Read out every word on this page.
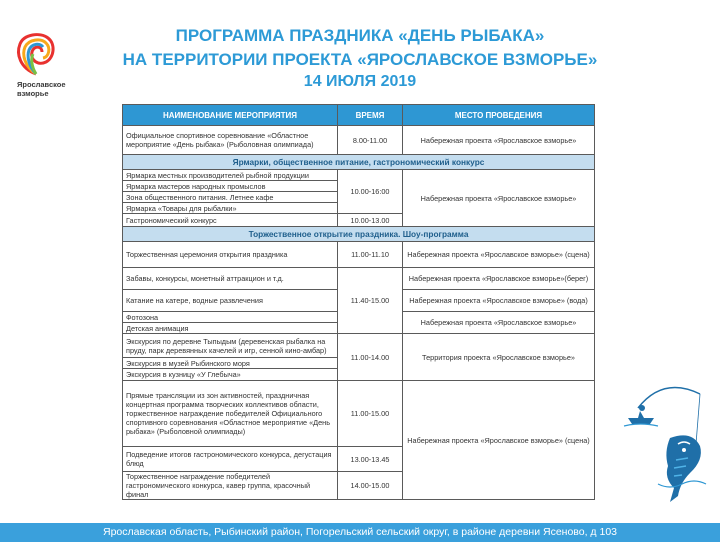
Ярославское
взморье
ПРОГРАММА ПРАЗДНИКА «ДЕНЬ РЫБАКА»
НА ТЕРРИТОРИИ ПРОЕКТА «ЯРОСЛАВСКОЕ ВЗМОРЬЕ»
14 ИЮЛЯ 2019
НАИМЕНОВАНИЕ МЕРОПРИЯТИЯ	ВРЕМЯ	МЕСТО ПРОВЕДЕНИЯ
Официальное спортивное соревнование «Областное мероприятие «День рыбака» (Рыболовная олимпиада)	8.00-11.00	Набережная проекта «Ярославское взморье»
Ярмарки, общественное питание, гастрономический конкурс		
Ярмарка местных производителей рыбной продукции	10.00-16:00	Набережная проекта «Ярославское взморье»
Ярмарка мастеров народных промыслов		
Зона общественного питания. Летнее кафе		
Ярмарка «Товары для рыбалки»		
Гастрономический конкурс	10.00-13.00	
Торжественное открытие праздника. Шоу-программа		
Торжественная церемония открытия праздника	11.00-11.10	Набережная проекта «Ярославское взморье» (сцена)
Забавы, конкурсы, монетный аттракцион и т.д.	11.40-15.00	Набережная проекта «Ярославское взморье»(берег)
Катание на катере, водные развлечения		Набережная проекта «Ярославское взморье» (вода)
Фотозона		Набережная проекта «Ярославское взморье»
Детская анимация		
Экскурсия по деревне Тыпыдым (деревенская рыбалка на пруду, парк деревянных качелей и игр, сенной кино-амбар)	11.00-14.00	Территория проекта «Ярославское взморье»
Экскурсия в музей Рыбинского моря		
Экскурсия в кузницу «У Глебыча»		
Прямые трансляции из зон активностей, праздничная концертная программа творческих коллективов области, торжественное награждение победителей Официального спортивного соревнования «Областное мероприятие «День рыбака» (Рыболовной олимпиады)	11.00-15.00	Набережная проекта «Ярославское взморье» (сцена)
Подведение итогов гастрономического конкурса, дегустация блюд	13.00-13.45	
Торжественное награждение победителей гастрономического конкурса, кавер группа, красочный финал	14.00-15.00	
Ярославская область, Рыбинский район, Погорельский сельский округ, в районе деревни Ясеново, д 103
